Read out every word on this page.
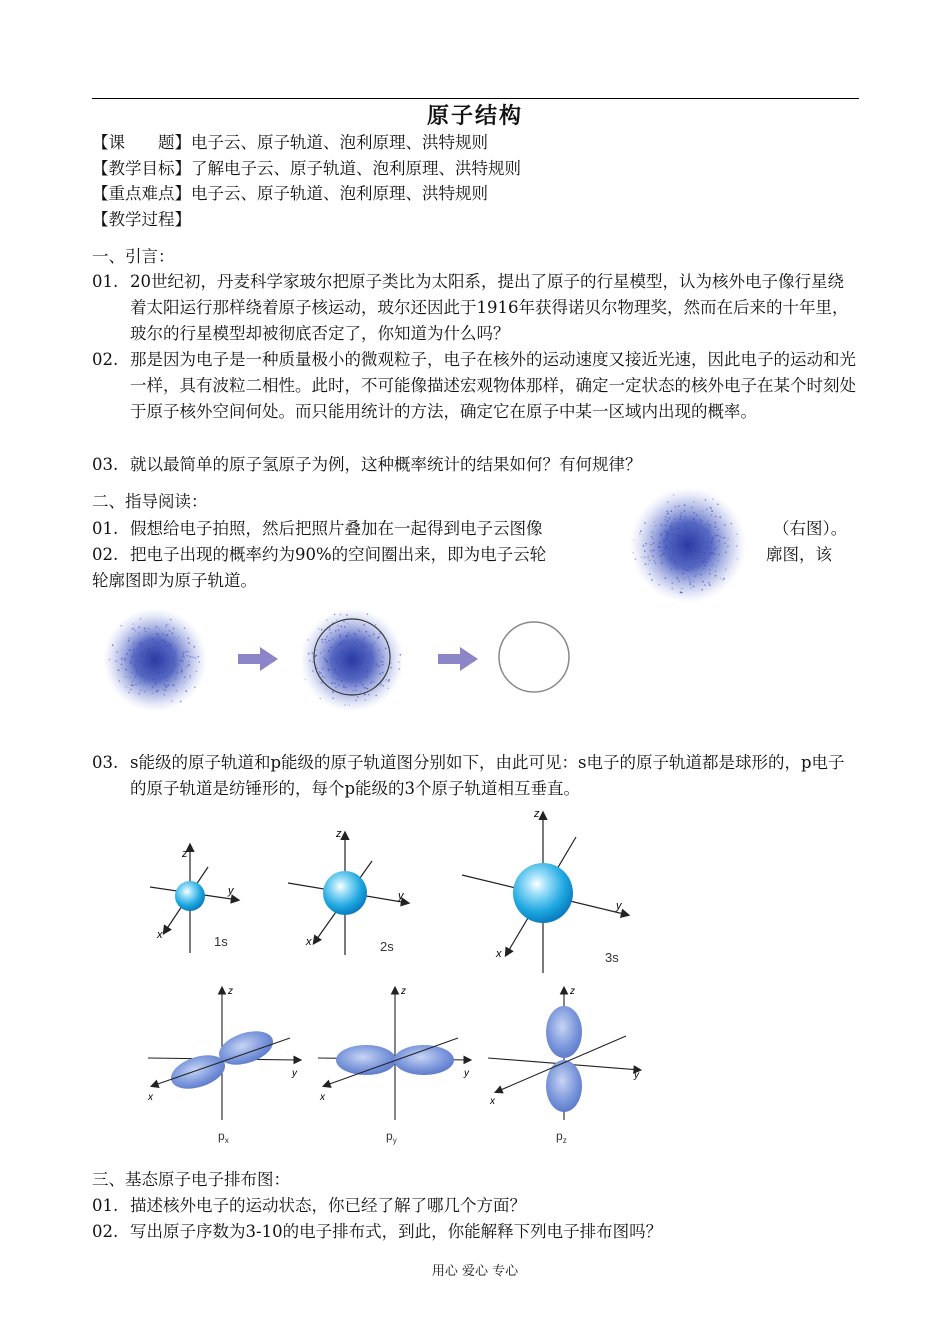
原子结构
【课　　题】电子云、原子轨道、泡利原理、洪特规则
【教学目标】了解电子云、原子轨道、泡利原理、洪特规则
【重点难点】电子云、原子轨道、泡利原理、洪特规则
【教学过程】
一、引言：
01. 20世纪初，丹麦科学家玻尔把原子类比为太阳系，提出了原子的行星模型，认为核外电子像行星绕着太阳运行那样绕着原子核运动，玻尔还因此于1916年获得诺贝尔物理奖，然而在后来的十年里，玻尔的行星模型却被彻底否定了，你知道为什么吗？
02. 那是因为电子是一种质量极小的微观粒子，电子在核外的运动速度又接近光速，因此电子的运动和光一样，具有波粒二相性。此时，不可能像描述宏观物体那样，确定一定状态的核外电子在某个时刻处于原子核外空间何处。而只能用统计的方法，确定它在原子中某一区域内出现的概率。
03. 就以最简单的原子氢原子为例，这种概率统计的结果如何？有何规律？
二、指导阅读：
01. 假想给电子拍照，然后把照片叠加在一起得到电子云图像	（右图）。
02. 把电子出现的概率约为90%的空间圈出来，即为电子云轮	廓图，该
轮廓图即为原子轨道。
03. s能级的原子轨道和p能级的原子轨道图分别如下，由此可见：s电子的原子轨道都是球形的，p电子的原子轨道是纺锤形的，每个p能级的3个原子轨道相互垂直。
z
y
x	1s
z
y
x	2s
z
y
x	3s
z
y
x
$p_x$
z
y
x
$p_y$
z
y
x
$p_z$
三、基态原子电子排布图：
01. 描述核外电子的运动状态，你已经了解了哪几个方面？
02. 写出原子序数为3-10的电子排布式，到此，你能解释下列电子排布图吗？
用心 爱心 专心
